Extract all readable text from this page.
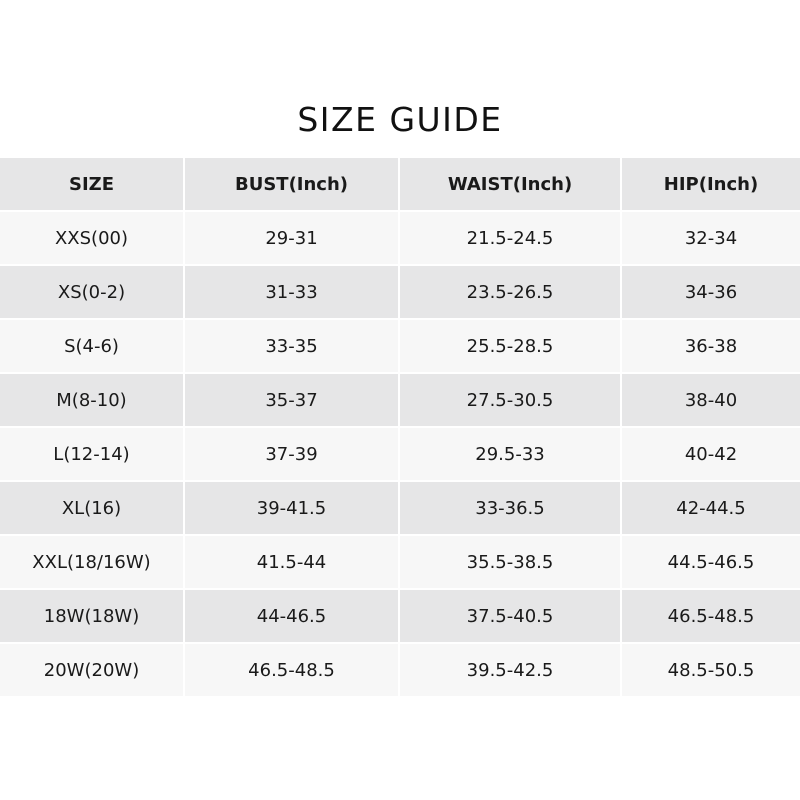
SIZE GUIDE
SIZE	BUST(Inch)	WAIST(Inch)	HIP(Inch)
XXS(00)	29-31	21.5-24.5	32-34
XS(0-2)	31-33	23.5-26.5	34-36
S(4-6)	33-35	25.5-28.5	36-38
M(8-10)	35-37	27.5-30.5	38-40
L(12-14)	37-39	29.5-33	40-42
XL(16)	39-41.5	33-36.5	42-44.5
XXL(18/16W)	41.5-44	35.5-38.5	44.5-46.5
18W(18W)	44-46.5	37.5-40.5	46.5-48.5
20W(20W)	46.5-48.5	39.5-42.5	48.5-50.5
